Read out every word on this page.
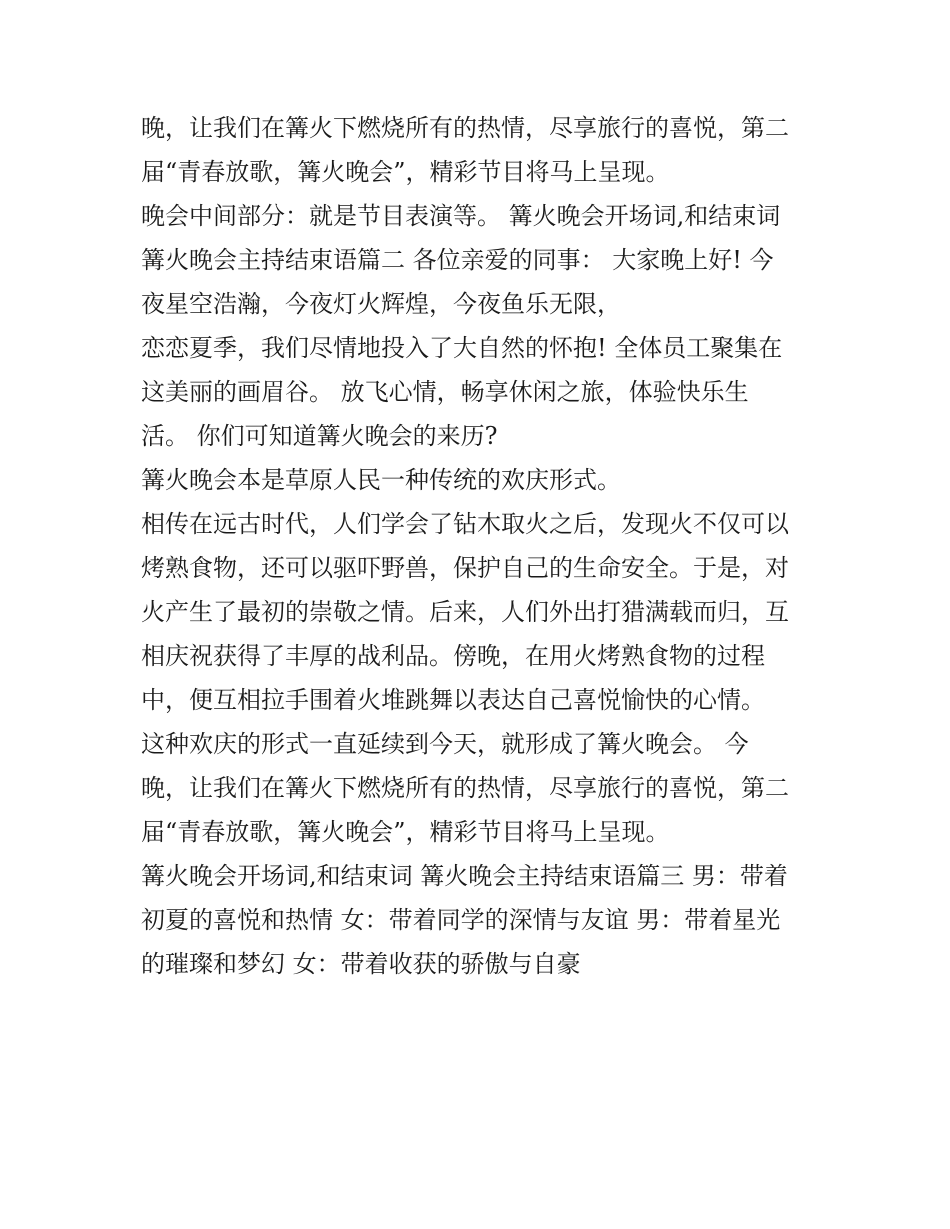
晚，让我们在篝火下燃烧所有的热情，尽享旅行的喜悦，第二

届“青春放歌，篝火晚会”，精彩节目将马上呈现。

晚会中间部分：就是节目表演等。 篝火晚会开场词,和结束词

篝火晚会主持结束语篇二 各位亲爱的同事： 大家晚上好! 今

夜星空浩瀚，今夜灯火辉煌，今夜鱼乐无限，

恋恋夏季，我们尽情地投入了大自然的怀抱! 全体员工聚集在

这美丽的画眉谷。 放飞心情，畅享休闲之旅，体验快乐生

活。 你们可知道篝火晚会的来历?

篝火晚会本是草原人民一种传统的欢庆形式。

相传在远古时代，人们学会了钻木取火之后，发现火不仅可以

烤熟食物，还可以驱吓野兽，保护自己的生命安全。于是，对

火产生了最初的崇敬之情。后来，人们外出打猎满载而归，互

相庆祝获得了丰厚的战利品。傍晚，在用火烤熟食物的过程

中，便互相拉手围着火堆跳舞以表达自己喜悦愉快的心情。

这种欢庆的形式一直延续到今天，就形成了篝火晚会。 今

晚，让我们在篝火下燃烧所有的热情，尽享旅行的喜悦，第二

届“青春放歌，篝火晚会”，精彩节目将马上呈现。

篝火晚会开场词,和结束词 篝火晚会主持结束语篇三 男：带着

初夏的喜悦和热情 女：带着同学的深情与友谊 男：带着星光

的璀璨和梦幻 女：带着收获的骄傲与自豪
